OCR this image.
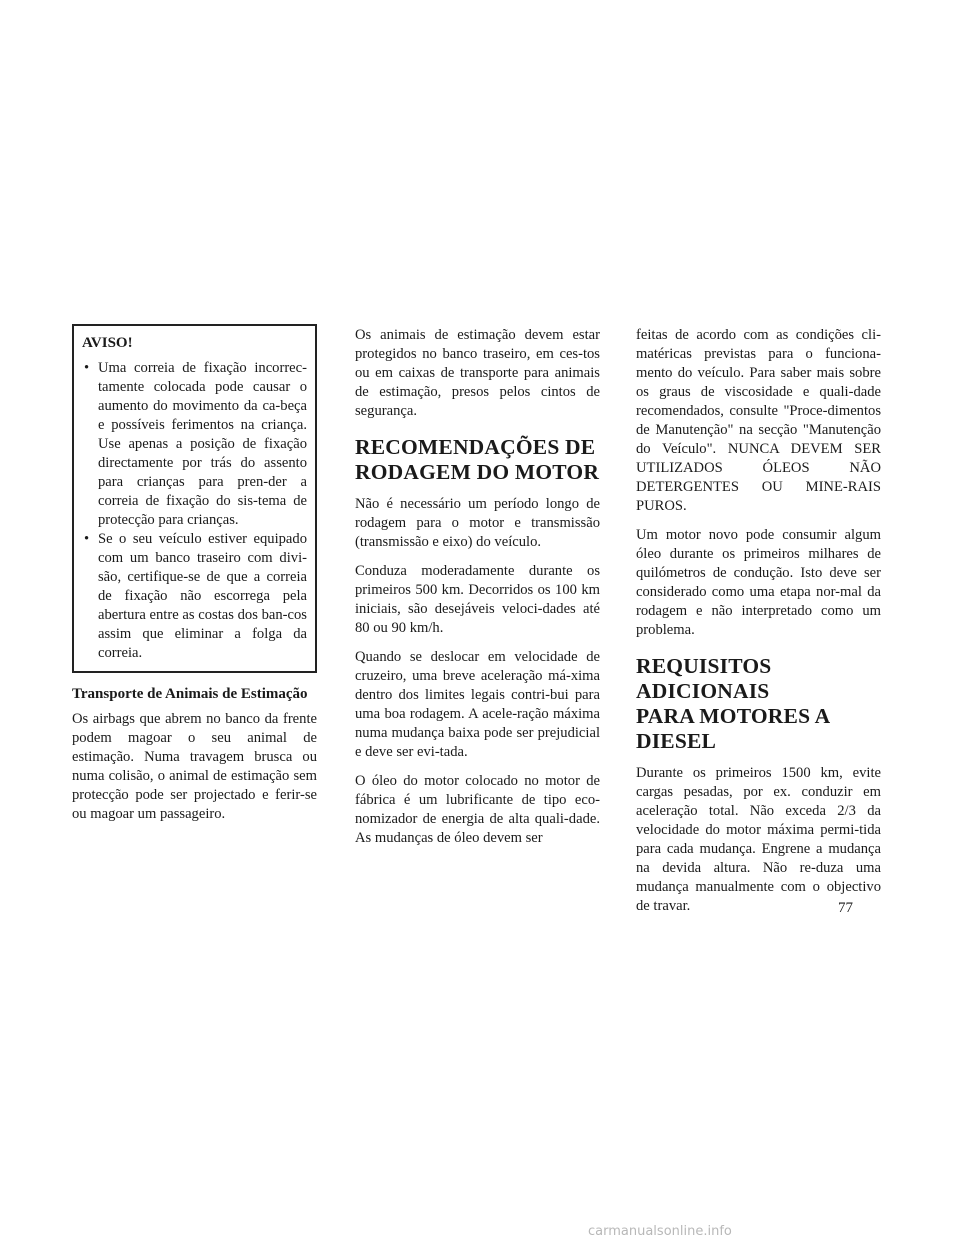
AVISO!
• Uma correia de fixação incorrec-tamente colocada pode causar o aumento do movimento da ca-beça e possíveis ferimentos na criança. Use apenas a posição de fixação directamente por trás do assento para crianças para pren-der a correia de fixação do sis-tema de protecção para crianças.
• Se o seu veículo estiver equipado com um banco traseiro com divi-são, certifique-se de que a correia de fixação não escorrega pela abertura entre as costas dos ban-cos assim que eliminar a folga da correia.
Transporte de Animais de Estimação

Os airbags que abrem no banco da frente podem magoar o seu animal de estimação. Numa travagem brusca ou numa colisão, o animal de estimação sem protecção pode ser projectado e ferir-se ou magoar um passageiro.

Os animais de estimação devem estar protegidos no banco traseiro, em ces-tos ou em caixas de transporte para animais de estimação, presos pelos cintos de segurança.

RECOMENDAÇÕES DE
RODAGEM DO MOTOR

Não é necessário um período longo de rodagem para o motor e transmissão (transmissão e eixo) do veículo.

Conduza moderadamente durante os primeiros 500 km. Decorridos os 100 km iniciais, são desejáveis veloci-dades até 80 ou 90 km/h.

Quando se deslocar em velocidade de cruzeiro, uma breve aceleração má-xima dentro dos limites legais contri-bui para uma boa rodagem. A acele-ração máxima numa mudança baixa pode ser prejudicial e deve ser evi-tada.

O óleo do motor colocado no motor de fábrica é um lubrificante de tipo eco-nomizador de energia de alta quali-dade. As mudanças de óleo devem ser

feitas de acordo com as condições cli-matéricas previstas para o funciona-mento do veículo. Para saber mais sobre os graus de viscosidade e quali-dade recomendados, consulte "Proce-dimentos de Manutenção" na secção "Manutenção do Veículo". NUNCA DEVEM SER UTILIZADOS ÓLEOS NÃO DETERGENTES OU MINE-RAIS PUROS.

Um motor novo pode consumir algum óleo durante os primeiros milhares de quilómetros de condução. Isto deve ser considerado como uma etapa nor-mal da rodagem e não interpretado como um problema.

REQUISITOS ADICIONAIS
PARA MOTORES A DIESEL

Durante os primeiros 1500 km, evite cargas pesadas, por ex. conduzir em aceleração total. Não exceda 2/3 da velocidade do motor máxima permi-tida para cada mudança. Engrene a mudança na devida altura. Não re-duza uma mudança manualmente com o objectivo de travar.	77
carmanualsonline.info
